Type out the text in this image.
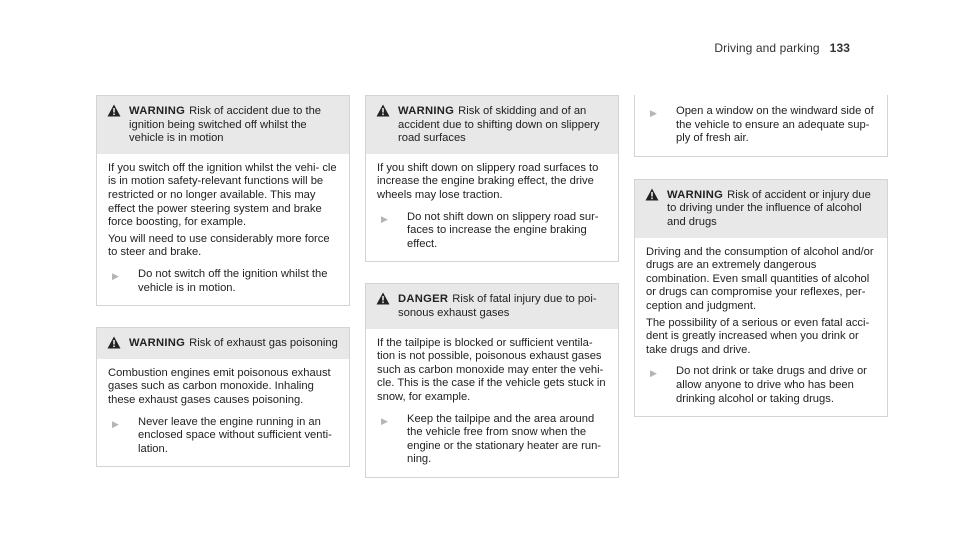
Driving and parking 133
WARNING Risk of accident due to the ignition being switched off whilst the vehicle is in motion

If you switch off the ignition whilst the vehi- cle is in motion safety-relevant functions will be restricted or no longer available. This may effect the power steering system and brake force boosting, for example.

You will need to use considerably more force to steer and brake.

▶	Do not switch off the ignition whilst the vehicle is in motion.
WARNING Risk of exhaust gas poisoning

Combustion engines emit poisonous exhaust gases such as carbon monoxide. Inhaling these exhaust gases causes poisoning.

▶	Never leave the engine running in an enclosed space without sufficient venti- lation.
WARNING Risk of skidding and of an accident due to shifting down on slippery road surfaces

If you shift down on slippery road surfaces to increase the engine braking effect, the drive wheels may lose traction.

▶	Do not shift down on slippery road sur- faces to increase the engine braking effect.
DANGER Risk of fatal injury due to poi- sonous exhaust gases

If the tailpipe is blocked or sufficient ventila- tion is not possible, poisonous exhaust gases such as carbon monoxide may enter the vehi- cle. This is the case if the vehicle gets stuck in snow, for example.

▶	Keep the tailpipe and the area around the vehicle free from snow when the engine or the stationary heater are run- ning.
▶	Open a window on the windward side of the vehicle to ensure an adequate sup- ply of fresh air.
WARNING Risk of accident or injury due to driving under the influence of alcohol and drugs

Driving and the consumption of alcohol and/or drugs are an extremely dangerous combination. Even small quantities of alcohol or drugs can compromise your reflexes, per- ception and judgment.

The possibility of a serious or even fatal acci- dent is greatly increased when you drink or take drugs and drive.

▶	Do not drink or take drugs and drive or allow anyone to drive who has been drinking alcohol or taking drugs.
